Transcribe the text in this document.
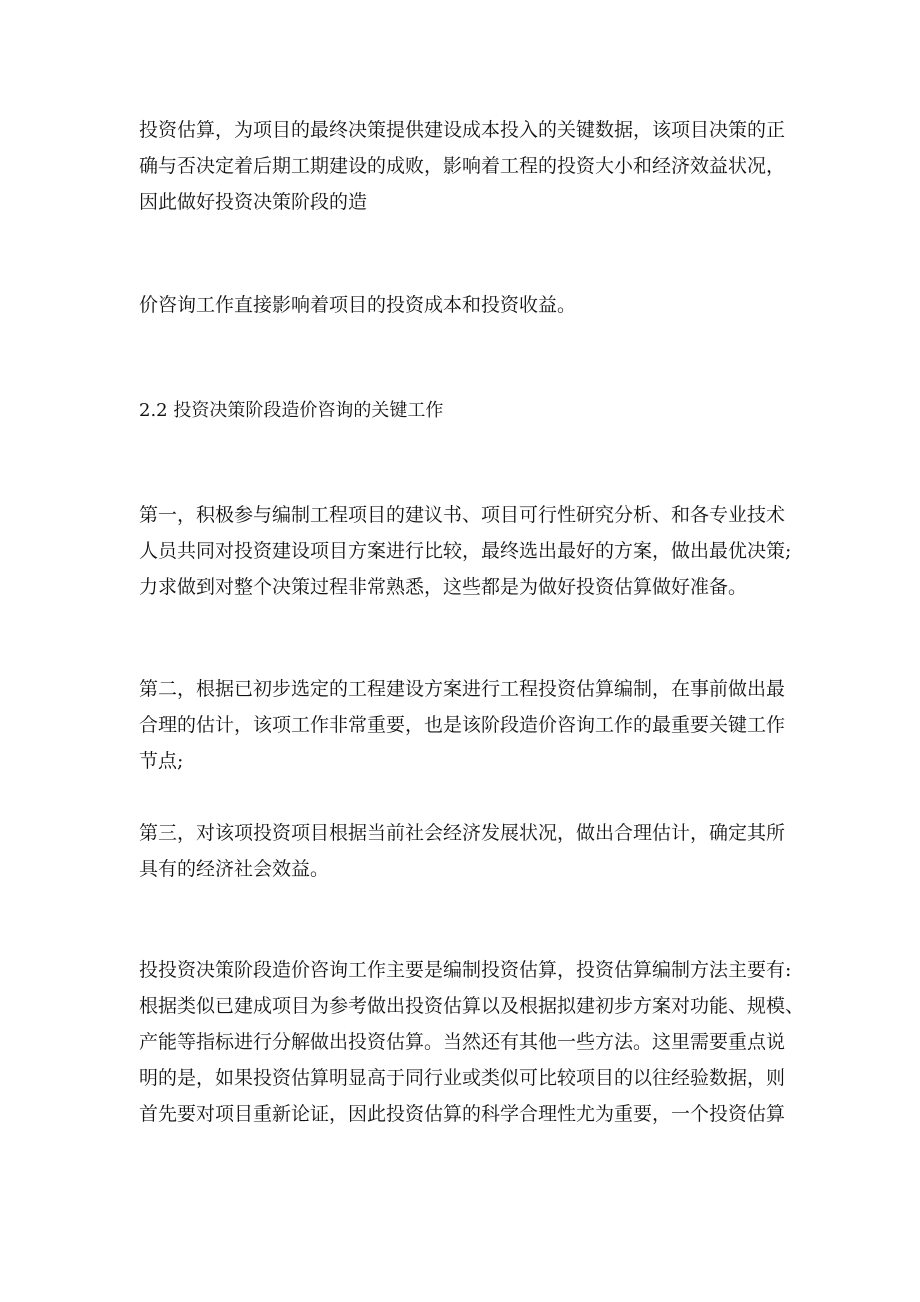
投资估算，为项目的最终决策提供建设成本投入的关键数据，该项目决策的正
确与否决定着后期工期建设的成败，影响着工程的投资大小和经济效益状况，
因此做好投资决策阶段的造

价咨询工作直接影响着项目的投资成本和投资收益。

2.2 投资决策阶段造价咨询的关键工作

第一，积极参与编制工程项目的建议书、项目可行性研究分析、和各专业技术
人员共同对投资建设项目方案进行比较，最终选出最好的方案，做出最优决策;
力求做到对整个决策过程非常熟悉，这些都是为做好投资估算做好准备。

第二，根据已初步选定的工程建设方案进行工程投资估算编制，在事前做出最
合理的估计，该项工作非常重要，也是该阶段造价咨询工作的最重要关键工作
节点;

第三，对该项投资项目根据当前社会经济发展状况，做出合理估计，确定其所
具有的经济社会效益。

投投资决策阶段造价咨询工作主要是编制投资估算，投资估算编制方法主要有:
根据类似已建成项目为参考做出投资估算以及根据拟建初步方案对功能、规模、
产能等指标进行分解做出投资估算。当然还有其他一些方法。这里需要重点说
明的是，如果投资估算明显高于同行业或类似可比较项目的以往经验数据，则
首先要对项目重新论证，因此投资估算的科学合理性尤为重要，一个投资估算
